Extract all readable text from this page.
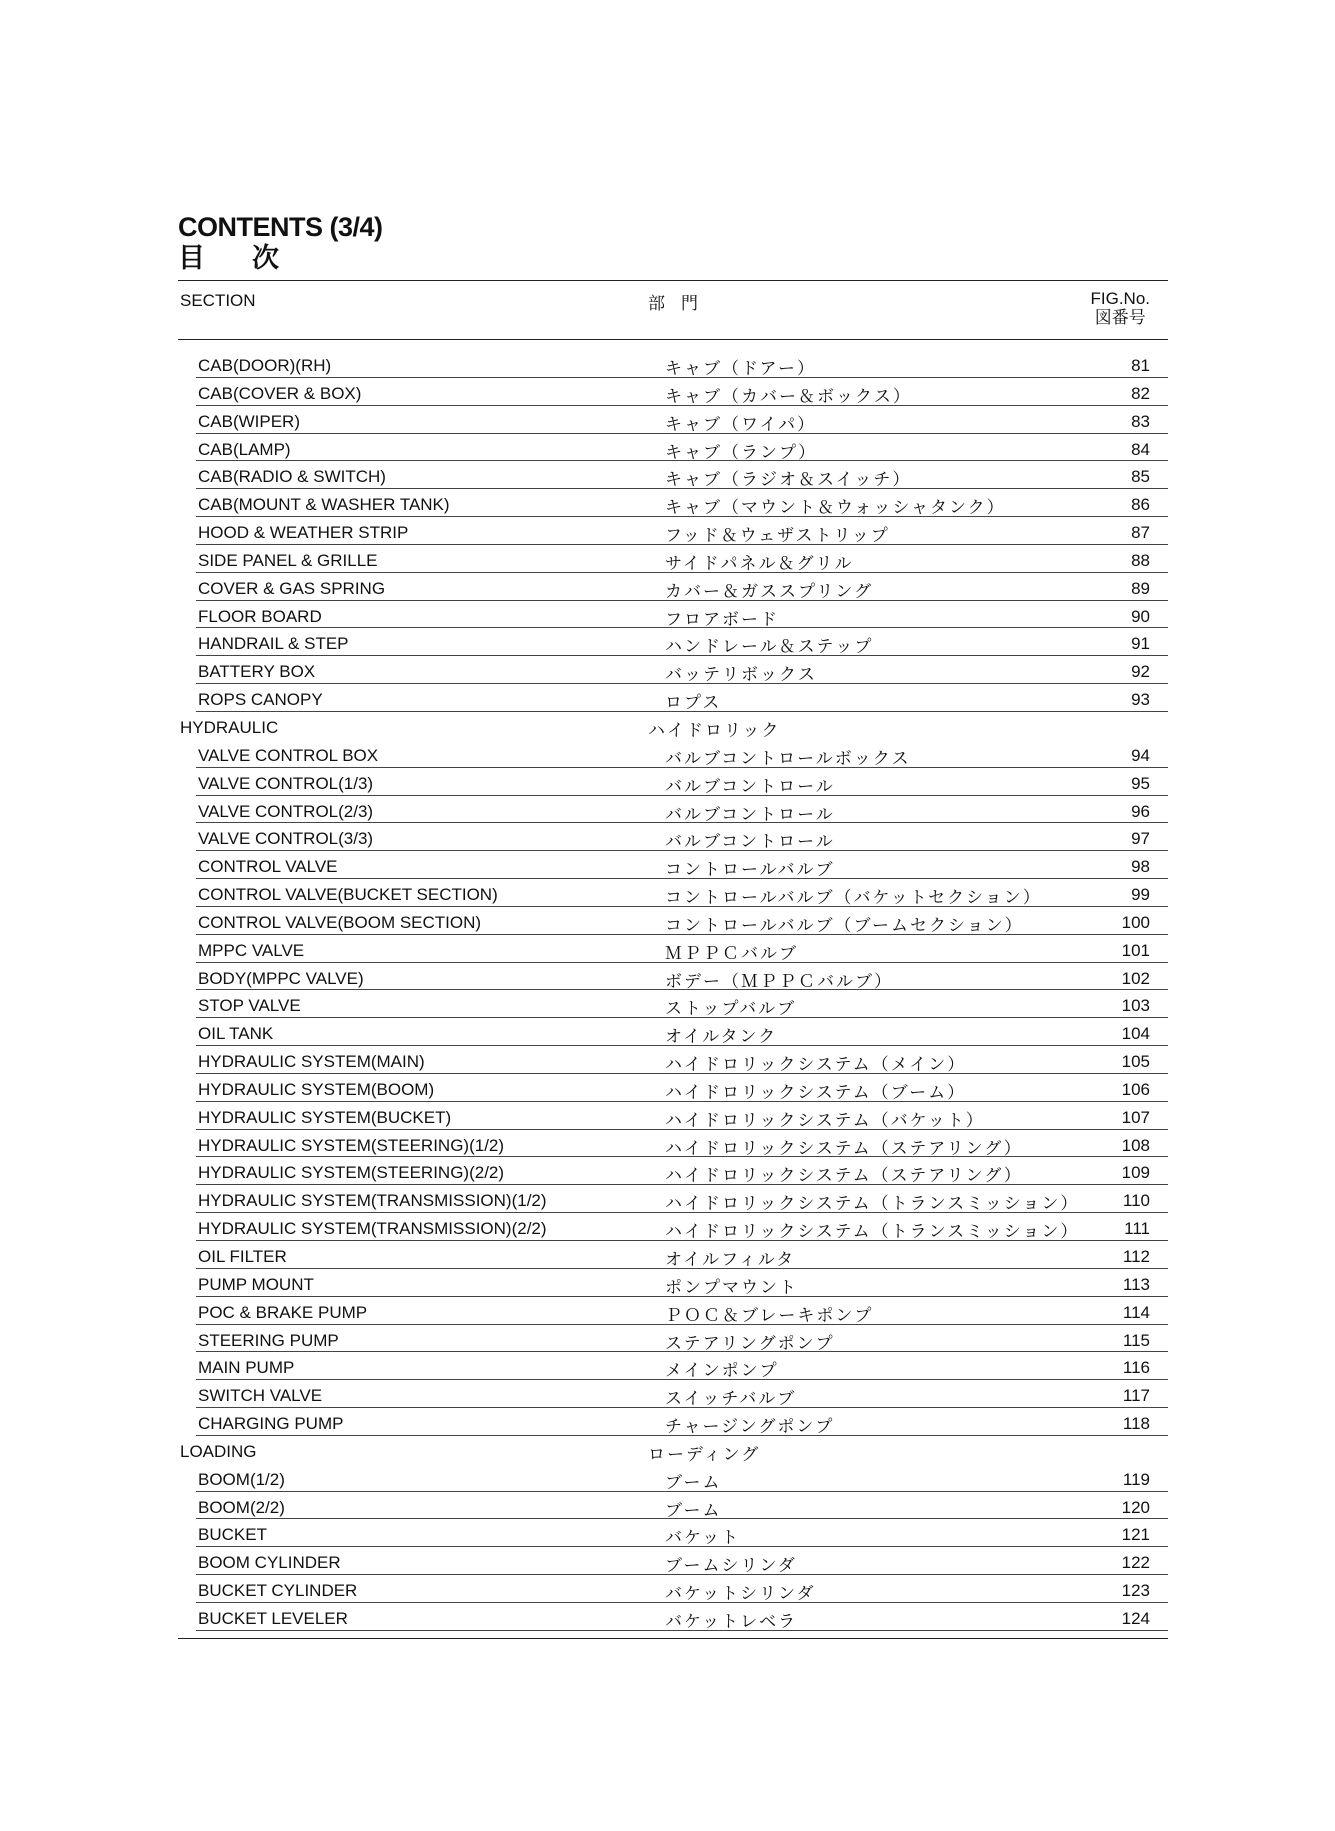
CONTENTS (3/4)
目	次
SECTION	部門	FIG.No.
図番号
CAB(DOOR)(RH)	キャブ（ドアー）	81
CAB(COVER & BOX)	キャブ（カバー＆ボックス）	82
CAB(WIPER)	キャブ（ワイパ）	83
CAB(LAMP)	キャブ（ランプ）	84
CAB(RADIO & SWITCH)	キャブ（ラジオ＆スイッチ）	85
CAB(MOUNT & WASHER TANK)	キャブ（マウント＆ウォッシャタンク）	86
HOOD & WEATHER STRIP	フッド＆ウェザストリップ	87
SIDE PANEL & GRILLE	サイドパネル＆グリル	88
COVER & GAS SPRING	カバー＆ガススプリング	89
FLOOR BOARD	フロアボード	90
HANDRAIL & STEP	ハンドレール＆ステップ	91
BATTERY BOX	バッテリボックス	92
ROPS CANOPY	ロプス	93
HYDRAULIC	ハイドロリック
VALVE CONTROL BOX	バルブコントロールボックス	94
VALVE CONTROL(1/3)	バルブコントロール	95
VALVE CONTROL(2/3)	バルブコントロール	96
VALVE CONTROL(3/3)	バルブコントロール	97
CONTROL VALVE	コントロールバルブ	98
CONTROL VALVE(BUCKET SECTION)	コントロールバルブ（バケットセクション）	99
CONTROL VALVE(BOOM SECTION)	コントロールバルブ（ブームセクション）	100
MPPC VALVE	ＭＰＰＣバルブ	101
BODY(MPPC VALVE)	ボデー（ＭＰＰＣバルブ）	102
STOP VALVE	ストップバルブ	103
OIL TANK	オイルタンク	104
HYDRAULIC SYSTEM(MAIN)	ハイドロリックシステム（メイン）	105
HYDRAULIC SYSTEM(BOOM)	ハイドロリックシステム（ブーム）	106
HYDRAULIC SYSTEM(BUCKET)	ハイドロリックシステム（バケット）	107
HYDRAULIC SYSTEM(STEERING)(1/2)	ハイドロリックシステム（ステアリング）	108
HYDRAULIC SYSTEM(STEERING)(2/2)	ハイドロリックシステム（ステアリング）	109
HYDRAULIC SYSTEM(TRANSMISSION)(1/2)	ハイドロリックシステム（トランスミッション）	110
HYDRAULIC SYSTEM(TRANSMISSION)(2/2)	ハイドロリックシステム（トランスミッション）	111
OIL FILTER	オイルフィルタ	112
PUMP MOUNT	ポンプマウント	113
POC & BRAKE PUMP	ＰＯＣ＆ブレーキポンプ	114
STEERING PUMP	ステアリングポンプ	115
MAIN PUMP	メインポンプ	116
SWITCH VALVE	スイッチバルブ	117
CHARGING PUMP	チャージングポンプ	118
LOADING	ローディング
BOOM(1/2)	ブーム	119
BOOM(2/2)	ブーム	120
BUCKET	バケット	121
BOOM CYLINDER	ブームシリンダ	122
BUCKET CYLINDER	バケットシリンダ	123
BUCKET LEVELER	バケットレベラ	124
